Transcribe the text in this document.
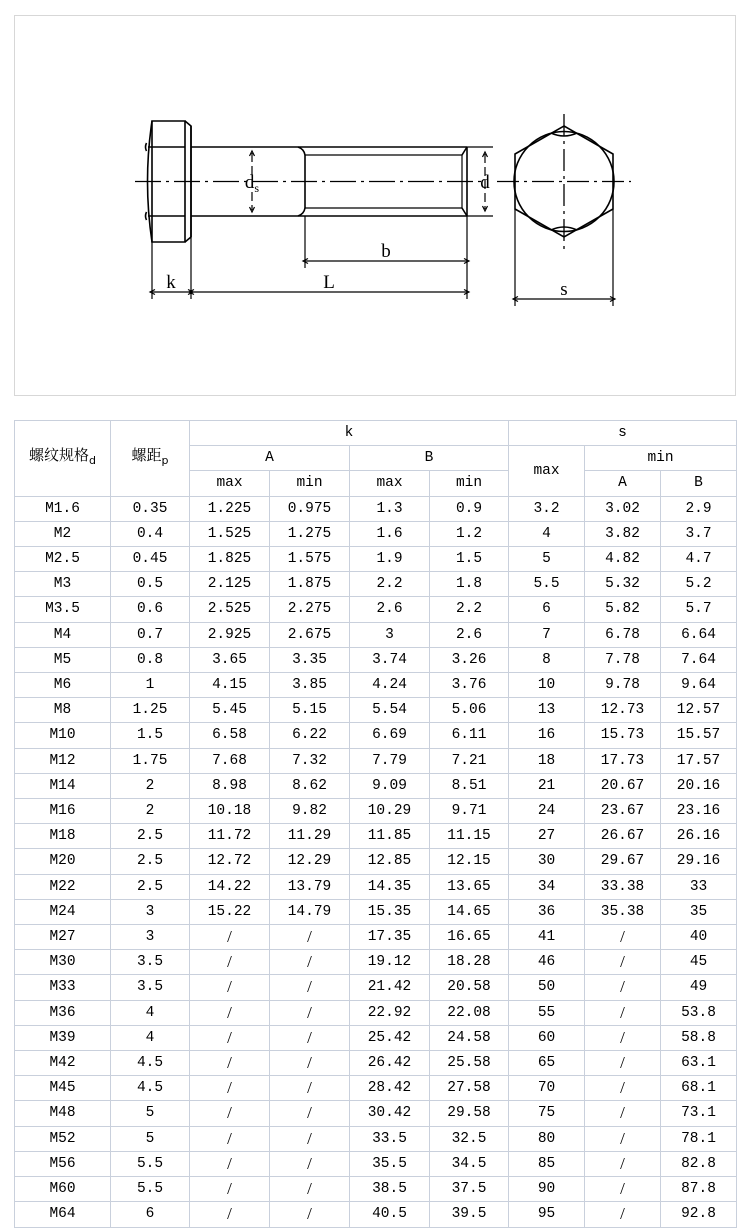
$d_s$	d
k
b
L	s
螺纹规格$_d$	螺距$_p$	k				s		
		A		B		max	min	
		max	min	max	min		A	B
M1.6	0.35	1.225	0.975	1.3	0.9	3.2	3.02	2.9
M2	0.4	1.525	1.275	1.6	1.2	4	3.82	3.7
M2.5	0.45	1.825	1.575	1.9	1.5	5	4.82	4.7
M3	0.5	2.125	1.875	2.2	1.8	5.5	5.32	5.2
M3.5	0.6	2.525	2.275	2.6	2.2	6	5.82	5.7
M4	0.7	2.925	2.675	3	2.6	7	6.78	6.64
M5	0.8	3.65	3.35	3.74	3.26	8	7.78	7.64
M6	1	4.15	3.85	4.24	3.76	10	9.78	9.64
M8	1.25	5.45	5.15	5.54	5.06	13	12.73	12.57
M10	1.5	6.58	6.22	6.69	6.11	16	15.73	15.57
M12	1.75	7.68	7.32	7.79	7.21	18	17.73	17.57
M14	2	8.98	8.62	9.09	8.51	21	20.67	20.16
M16	2	10.18	9.82	10.29	9.71	24	23.67	23.16
M18	2.5	11.72	11.29	11.85	11.15	27	26.67	26.16
M20	2.5	12.72	12.29	12.85	12.15	30	29.67	29.16
M22	2.5	14.22	13.79	14.35	13.65	34	33.38	33
M24	3	15.22	14.79	15.35	14.65	36	35.38	35
M27	3	/	/	17.35	16.65	41	/	40
M30	3.5	/	/	19.12	18.28	46	/	45
M33	3.5	/	/	21.42	20.58	50	/	49
M36	4	/	/	22.92	22.08	55	/	53.8
M39	4	/	/	25.42	24.58	60	/	58.8
M42	4.5	/	/	26.42	25.58	65	/	63.1
M45	4.5	/	/	28.42	27.58	70	/	68.1
M48	5	/	/	30.42	29.58	75	/	73.1
M52	5	/	/	33.5	32.5	80	/	78.1
M56	5.5	/	/	35.5	34.5	85	/	82.8
M60	5.5	/	/	38.5	37.5	90	/	87.8
M64	6	/	/	40.5	39.5	95	/	92.8
